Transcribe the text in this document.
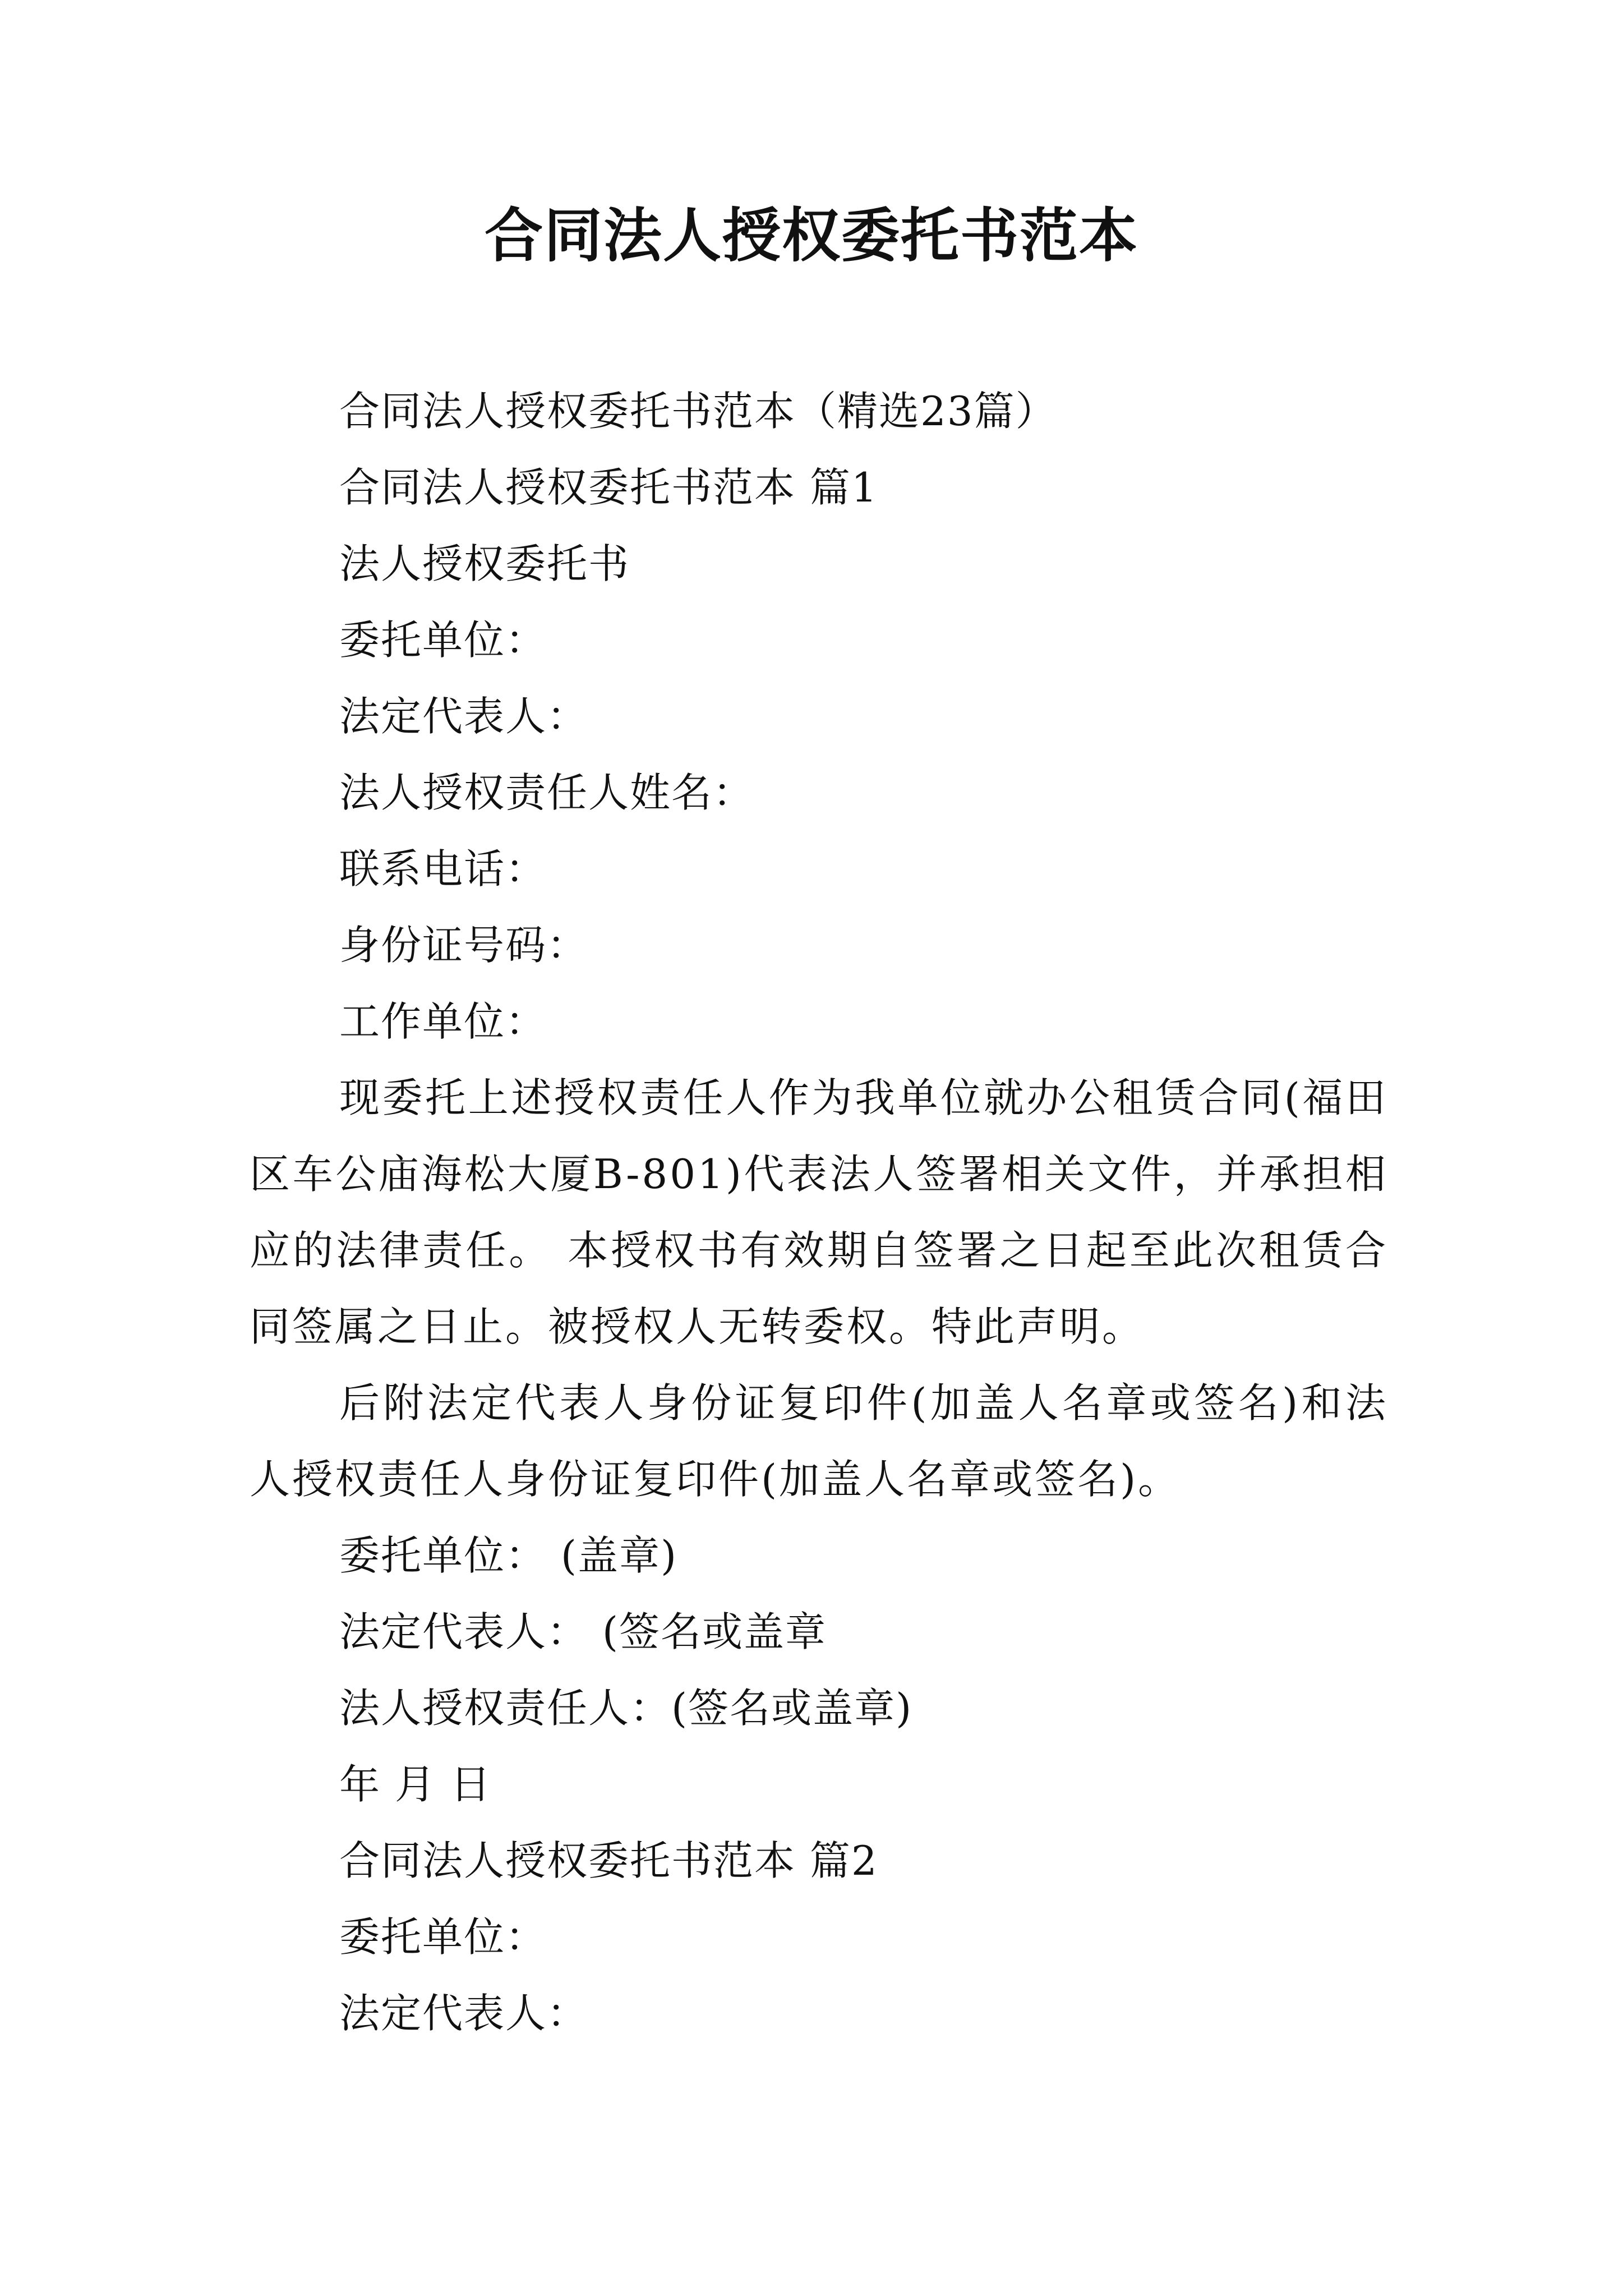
合同法人授权委托书范本
合同法人授权委托书范本（精选23篇）
合同法人授权委托书范本 篇1
法人授权委托书
委托单位：
法定代表人：
法人授权责任人姓名：
联系电话：
身份证号码：
工作单位：

现委托上述授权责任人作为我单位就办公租赁合同(福田区车公庙海松大厦B-801)代表法人签署相关文件，并承担相应的法律责任。 本授权书有效期自签署之日起至此次租赁合同签属之日止。被授权人无转委权。特此声明。

后附法定代表人身份证复印件(加盖人名章或签名)和法人授权责任人身份证复印件(加盖人名章或签名)。

委托单位： (盖章)
法定代表人： (签名或盖章
法人授权责任人：(签名或盖章)
年 月 日
合同法人授权委托书范本 篇2
委托单位：
法定代表人：
